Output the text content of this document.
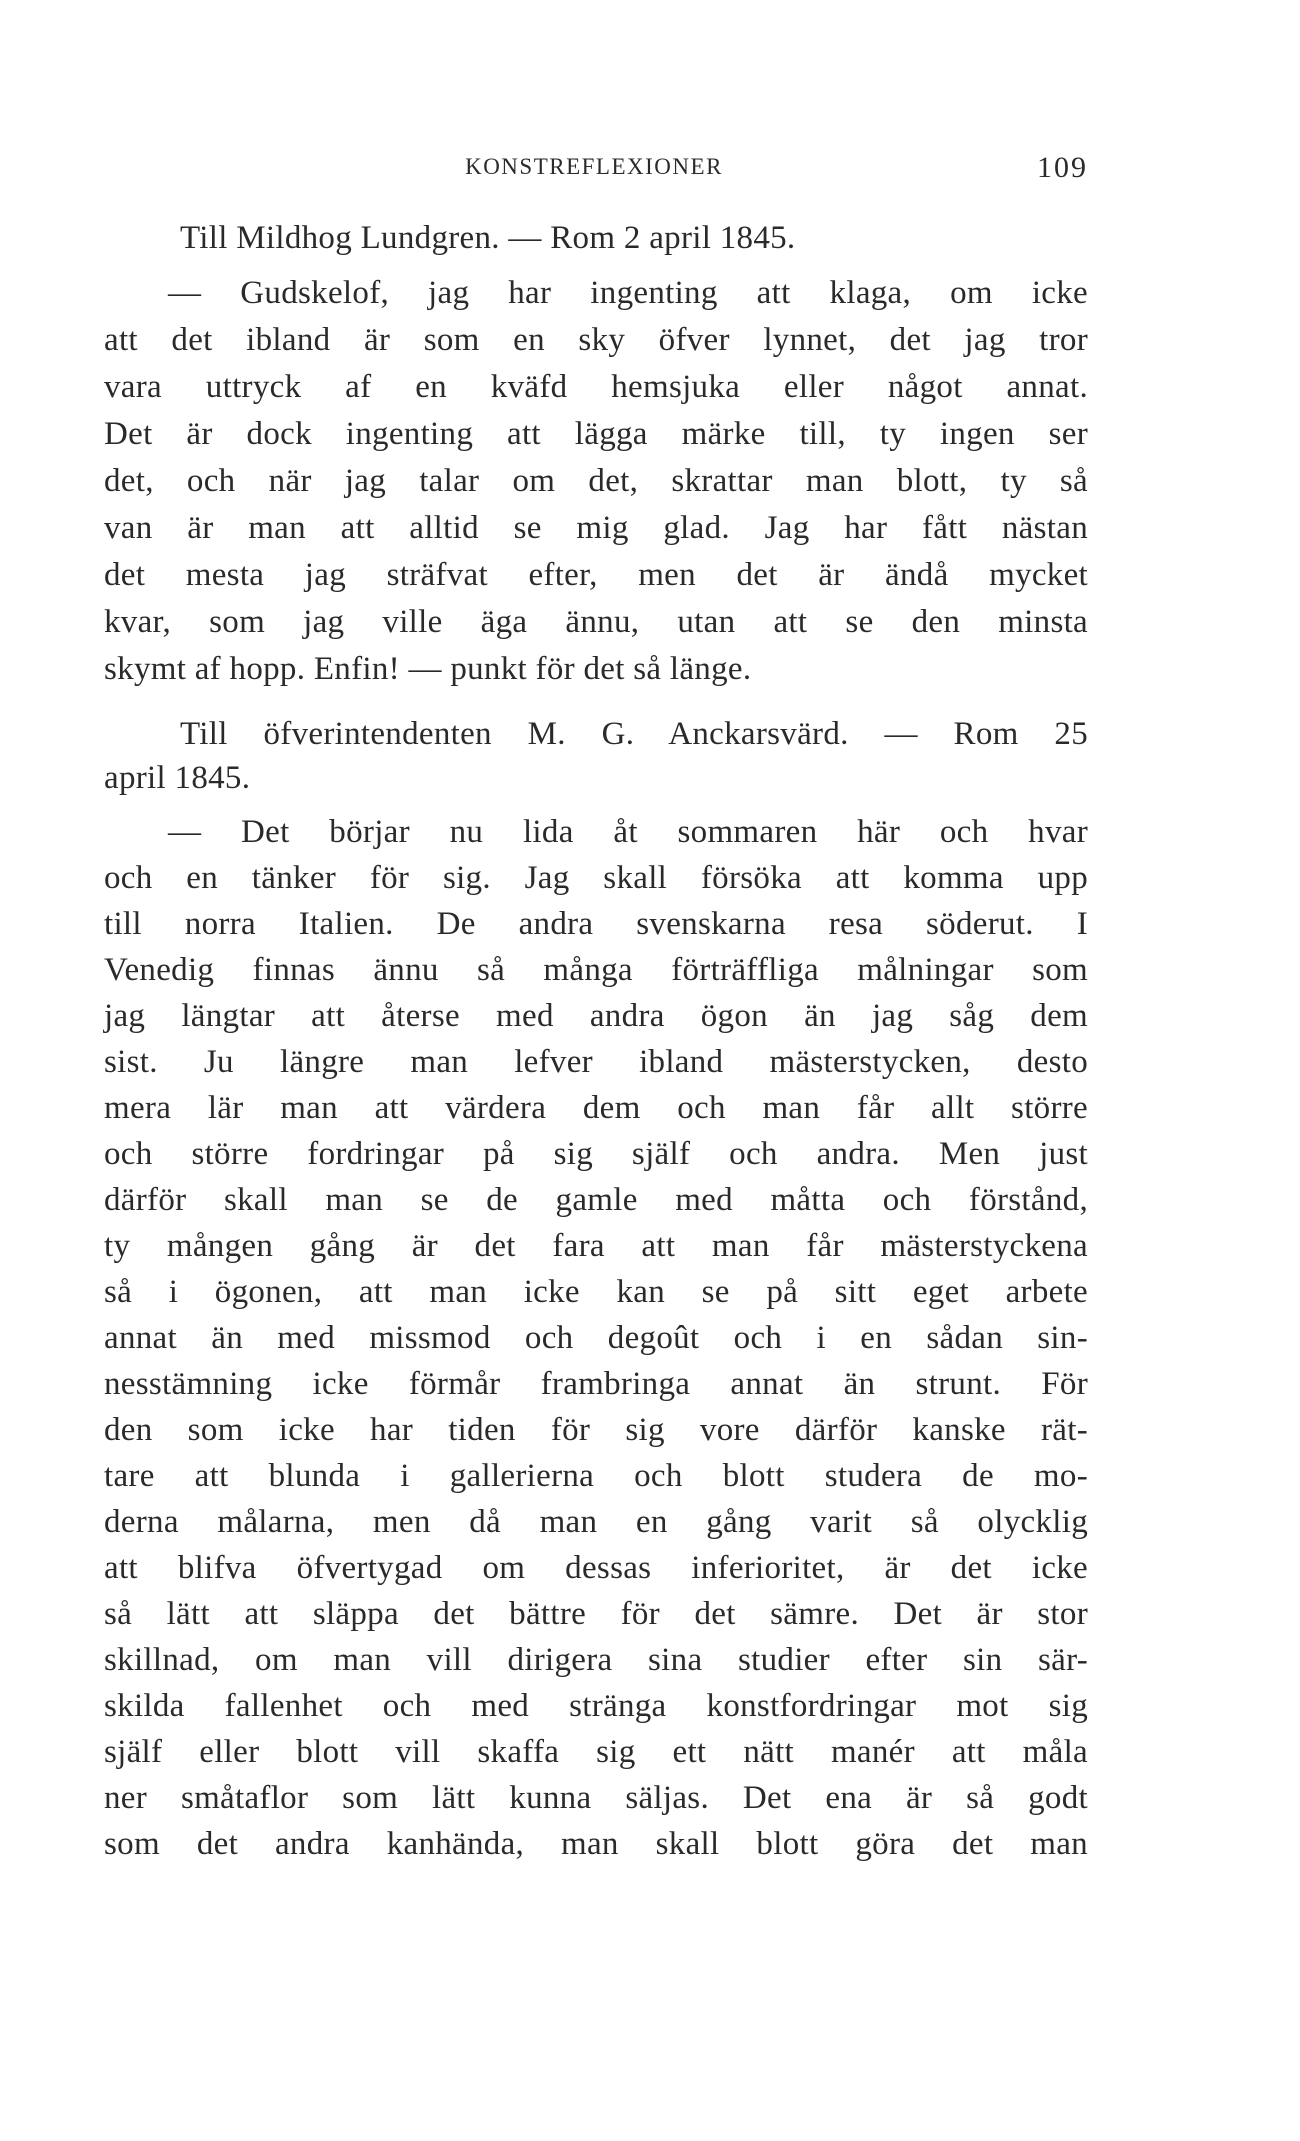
KONSTREFLEXIONER	109
Till Mildhog Lundgren. — Rom 2 april 1845.
— Gudskelof, jag har ingenting att klaga, om icke
att det ibland är som en sky öfver lynnet, det jag tror
vara uttryck af en kväfd hemsjuka eller något annat.
Det är dock ingenting att lägga märke till, ty ingen ser
det, och när jag talar om det, skrattar man blott, ty så
van är man att alltid se mig glad. Jag har fått nästan
det mesta jag sträfvat efter, men det är ändå mycket
kvar, som jag ville äga ännu, utan att se den minsta
skymt af hopp. Enfin! — punkt för det så länge.
Till öfverintendenten M. G. Anckarsvärd. — Rom 25
april 1845.
— Det börjar nu lida åt sommaren här och hvar
och en tänker för sig. Jag skall försöka att komma upp
till norra Italien. De andra svenskarna resa söderut. I
Venedig finnas ännu så många förträffliga målningar som
jag längtar att återse med andra ögon än jag såg dem
sist. Ju längre man lefver ibland mästerstycken, desto
mera lär man att värdera dem och man får allt större
och större fordringar på sig själf och andra. Men just
därför skall man se de gamle med måtta och förstånd,
ty mången gång är det fara att man får mästerstyckena
så i ögonen, att man icke kan se på sitt eget arbete
annat än med missmod och degoût och i en sådan sin-
nesstämning icke förmår frambringa annat än strunt. För
den som icke har tiden för sig vore därför kanske rät-
tare att blunda i gallerierna och blott studera de mo-
derna målarna, men då man en gång varit så olycklig
att blifva öfvertygad om dessas inferioritet, är det icke
så lätt att släppa det bättre för det sämre. Det är stor
skillnad, om man vill dirigera sina studier efter sin sär-
skilda fallenhet och med stränga konstfordringar mot sig
själf eller blott vill skaffa sig ett nätt manér att måla
ner småtaflor som lätt kunna säljas. Det ena är så godt
som det andra kanhända, man skall blott göra det man
